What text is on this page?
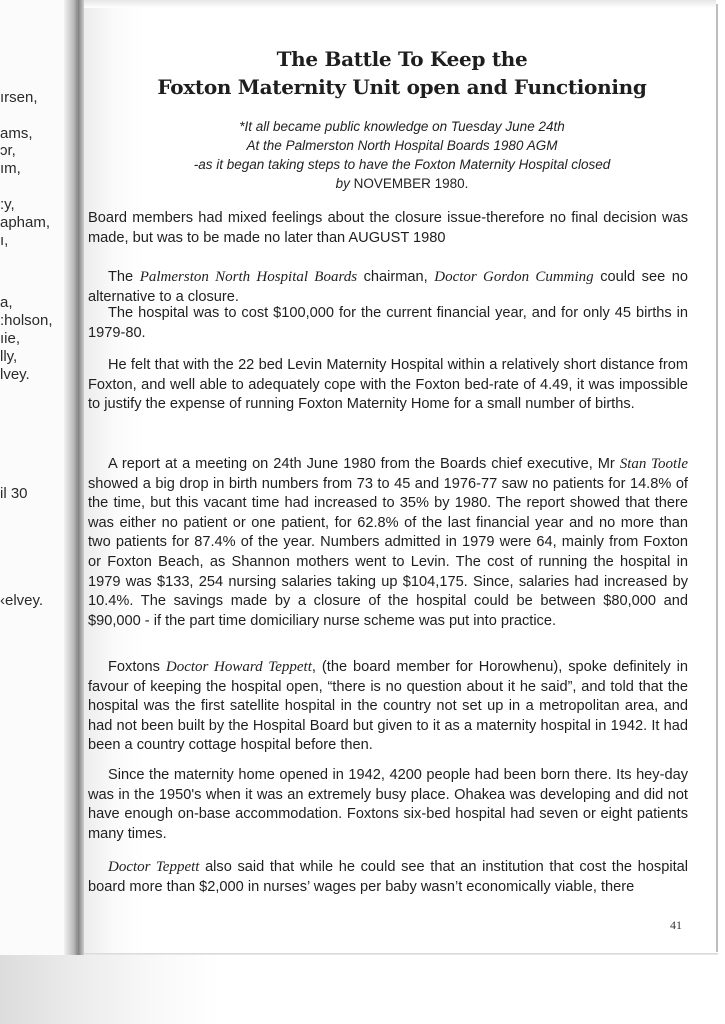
ırsen,
ams,
ɔr,
ım,
:y,
apham,
ı,
a,
:holson,
ıie,
lly,
lvey.
il 30
‹elvey.
The Battle To Keep the
Foxton Maternity Unit open and Functioning
*It all became public knowledge on Tuesday June 24th
At the Palmerston North Hospital Boards 1980 AGM
-as it began taking steps to have the Foxton Maternity Hospital closed
by NOVEMBER 1980.
Board members had mixed feelings about the closure issue-therefore no final decision was made, but was to be made no later than AUGUST 1980
The Palmerston North Hospital Boards chairman, Doctor Gordon Cumming could see no alternative to a closure.
The hospital was to cost $100,000 for the current financial year, and for only 45 births in 1979-80.
He felt that with the 22 bed Levin Maternity Hospital within a relatively short distance from Foxton, and well able to adequately cope with the Foxton bed-rate of 4.49, it was impossible to justify the expense of running Foxton Maternity Home for a small number of births.
A report at a meeting on 24th June 1980 from the Boards chief executive, Mr Stan Tootle showed a big drop in birth numbers from 73 to 45 and 1976-77 saw no patients for 14.8% of the time, but this vacant time had increased to 35% by 1980. The report showed that there was either no patient or one patient, for 62.8% of the last financial year and no more than two patients for 87.4% of the year. Numbers admitted in 1979 were 64, mainly from Foxton or Foxton Beach, as Shannon mothers went to Levin. The cost of running the hospital in 1979 was $133, 254 nursing salaries taking up $104,175. Since, salaries had increased by 10.4%. The savings made by a closure of the hospital could be between $80,000 and $90,000 - if the part time domiciliary nurse scheme was put into practice.
Foxtons Doctor Howard Teppett, (the board member for Horowhenu), spoke definitely in favour of keeping the hospital open, “there is no question about it he said”, and told that the hospital was the first satellite hospital in the country not set up in a metropolitan area, and had not been built by the Hospital Board but given to it as a maternity hospital in 1942. It had been a country cottage hospital before then.
Since the maternity home opened in 1942, 4200 people had been born there. Its hey-day was in the 1950's when it was an extremely busy place. Ohakea was developing and did not have enough on-base accommodation. Foxtons six-bed hospital had seven or eight patients many times.
Doctor Teppett also said that while he could see that an institution that cost the hospital board more than $2,000 in nurses’ wages per baby wasn’t economically viable, there
41
